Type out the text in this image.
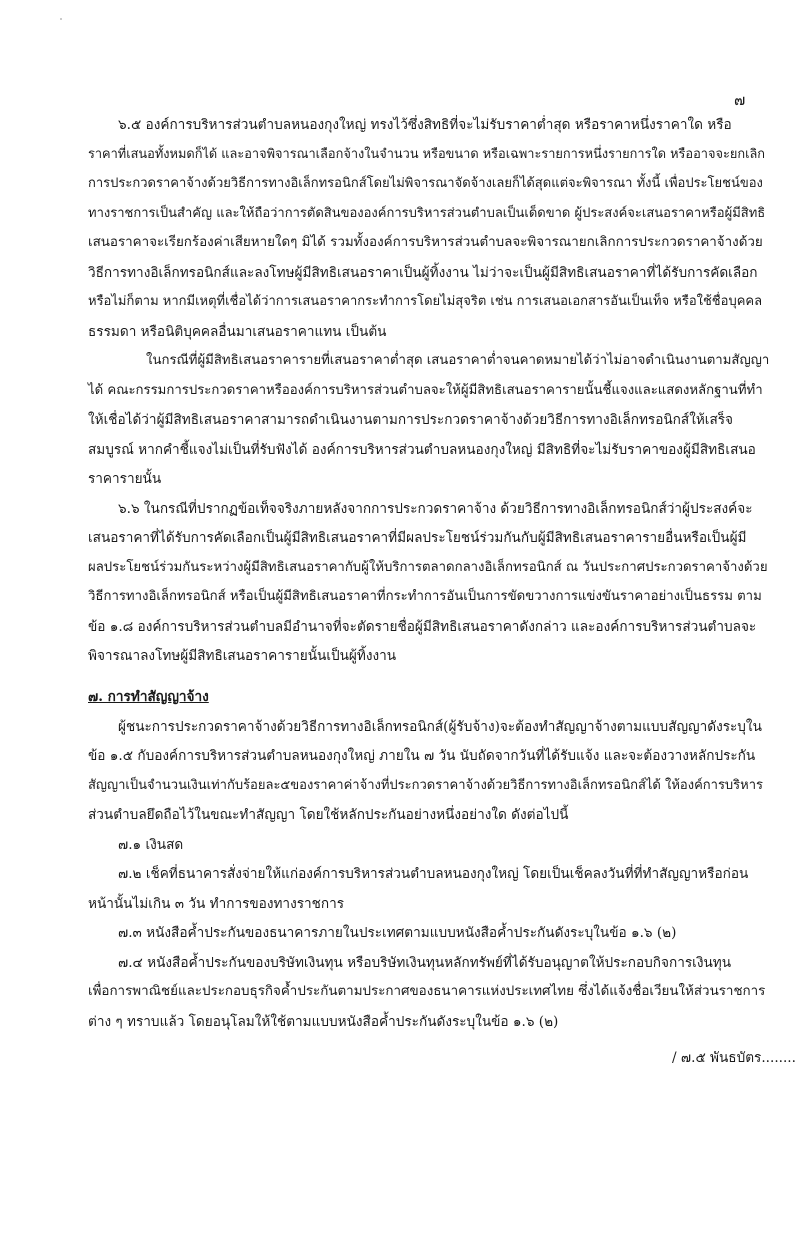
๗
๖.๕ องค์การบริหารส่วนตำบลหนองกุงใหญ่ ทรงไว้ซึ่งสิทธิที่จะไม่รับราคาต่ำสุด หรือราคาหนึ่งราคาใด หรือ
ราคาที่เสนอทั้งหมดก็ได้ และอาจพิจารณาเลือกจ้างในจำนวน หรือขนาด หรือเฉพาะรายการหนึ่งรายการใด หรืออาจจะยกเลิก
การประกวดราคาจ้างด้วยวิธีการทางอิเล็กทรอนิกส์โดยไม่พิจารณาจัดจ้างเลยก็ได้สุดแต่จะพิจารณา ทั้งนี้ เพื่อประโยชน์ของ
ทางราชการเป็นสำคัญ และให้ถือว่าการตัดสินขององค์การบริหารส่วนตำบลเป็นเด็ดขาด ผู้ประสงค์จะเสนอราคาหรือผู้มีสิทธิ
เสนอราคาจะเรียกร้องค่าเสียหายใดๆ มิได้ รวมทั้งองค์การบริหารส่วนตำบลจะพิจารณายกเลิกการประกวดราคาจ้างด้วย
วิธีการทางอิเล็กทรอนิกส์และลงโทษผู้มีสิทธิเสนอราคาเป็นผู้ทิ้งงาน ไม่ว่าจะเป็นผู้มีสิทธิเสนอราคาที่ได้รับการคัดเลือก
หรือไม่ก็ตาม หากมีเหตุที่เชื่อได้ว่าการเสนอราคากระทำการโดยไม่สุจริต เช่น การเสนอเอกสารอันเป็นเท็จ หรือใช้ชื่อบุคคล
ธรรมดา หรือนิติบุคคลอื่นมาเสนอราคาแทน เป็นต้น
ในกรณีที่ผู้มีสิทธิเสนอราคารายที่เสนอราคาต่ำสุด เสนอราคาต่ำจนคาดหมายได้ว่าไม่อาจดำเนินงานตามสัญญา
ได้ คณะกรรมการประกวดราคาหรือองค์การบริหารส่วนตำบลจะให้ผู้มีสิทธิเสนอราคารายนั้นชี้แจงและแสดงหลักฐานที่ทำ
ให้เชื่อได้ว่าผู้มีสิทธิเสนอราคาสามารถดำเนินงานตามการประกวดราคาจ้างด้วยวิธีการทางอิเล็กทรอนิกส์ให้เสร็จ
สมบูรณ์ หากคำชี้แจงไม่เป็นที่รับฟังได้ องค์การบริหารส่วนตำบลหนองกุงใหญ่ มีสิทธิที่จะไม่รับราคาของผู้มีสิทธิเสนอ
ราคารายนั้น
๖.๖ ในกรณีที่ปรากฏข้อเท็จจริงภายหลังจากการประกวดราคาจ้าง ด้วยวิธีการทางอิเล็กทรอนิกส์ว่าผู้ประสงค์จะ
เสนอราคาที่ได้รับการคัดเลือกเป็นผู้มีสิทธิเสนอราคาที่มีผลประโยชน์ร่วมกันกับผู้มีสิทธิเสนอราคารายอื่นหรือเป็นผู้มี
ผลประโยชน์ร่วมกันระหว่างผู้มีสิทธิเสนอราคากับผู้ให้บริการตลาดกลางอิเล็กทรอนิกส์ ณ วันประกาศประกวดราคาจ้างด้วย
วิธีการทางอิเล็กทรอนิกส์ หรือเป็นผู้มีสิทธิเสนอราคาที่กระทำการอันเป็นการขัดขวางการแข่งขันราคาอย่างเป็นธรรม ตาม
ข้อ ๑.๘ องค์การบริหารส่วนตำบลมีอำนาจที่จะตัดรายชื่อผู้มีสิทธิเสนอราคาดังกล่าว และองค์การบริหารส่วนตำบลจะ
พิจารณาลงโทษผู้มีสิทธิเสนอราคารายนั้นเป็นผู้ทิ้งงาน
๗. การทำสัญญาจ้าง
ผู้ชนะการประกวดราคาจ้างด้วยวิธีการทางอิเล็กทรอนิกส์(ผู้รับจ้าง)จะต้องทำสัญญาจ้างตามแบบสัญญาดังระบุใน
ข้อ ๑.๕ กับองค์การบริหารส่วนตำบลหนองกุงใหญ่ ภายใน ๗ วัน นับถัดจากวันที่ได้รับแจ้ง และจะต้องวางหลักประกัน
สัญญาเป็นจำนวนเงินเท่ากับร้อยละ๕ของราคาค่าจ้างที่ประกวดราคาจ้างด้วยวิธีการทางอิเล็กทรอนิกส์ได้ ให้องค์การบริหาร
ส่วนตำบลยึดถือไว้ในขณะทำสัญญา โดยใช้หลักประกันอย่างหนึ่งอย่างใด ดังต่อไปนี้
๗.๑ เงินสด
๗.๒ เช็คที่ธนาคารสั่งจ่ายให้แก่องค์การบริหารส่วนตำบลหนองกุงใหญ่ โดยเป็นเช็คลงวันที่ที่ทำสัญญาหรือก่อน
หน้านั้นไม่เกิน ๓ วัน ทำการของทางราชการ
๗.๓ หนังสือค้ำประกันของธนาคารภายในประเทศตามแบบหนังสือค้ำประกันดังระบุในข้อ ๑.๖ (๒)
๗.๔ หนังสือค้ำประกันของบริษัทเงินทุน หรือบริษัทเงินทุนหลักทรัพย์ที่ได้รับอนุญาตให้ประกอบกิจการเงินทุน
เพื่อการพาณิชย์และประกอบธุรกิจค้ำประกันตามประกาศของธนาคารแห่งประเทศไทย ซึ่งได้แจ้งชื่อเวียนให้ส่วนราชการ
ต่าง ๆ ทราบแล้ว โดยอนุโลมให้ใช้ตามแบบหนังสือค้ำประกันดังระบุในข้อ ๑.๖ (๒)
/ ๗.๕ พันธบัตร........
